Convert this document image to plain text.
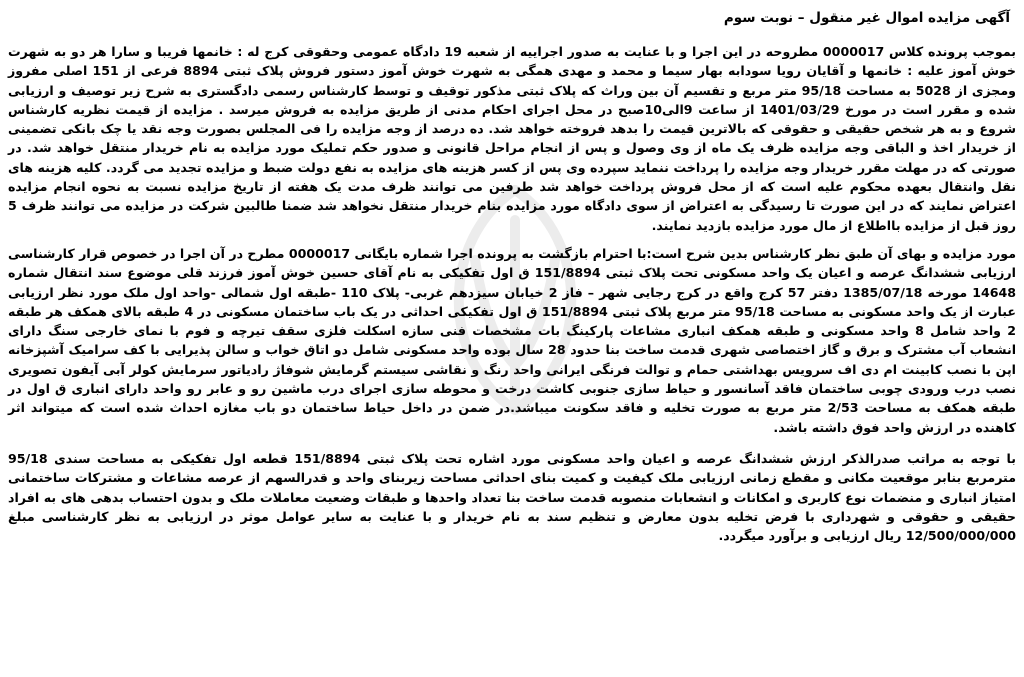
آگهی مزایده اموال غیر منقول – نوبت سوم

بموجب پرونده کلاس 0000017 مطروحه در این اجرا و با عنایت به صدور اجراییه از شعبه 19 دادگاه عمومی وحقوقی کرج له : خانمها فریبا و سارا هر دو به شهرت خوش آموز علیه : خانمها و آقایان رویا سودابه بهار سیما و محمد و مهدی همگی به شهرت خوش آموز دستور فروش پلاک ثبتی 8894 فرعی از 151 اصلی مفروز ومجزی از 5028 به مساحت 95/18 متر مربع و تقسیم آن بین وراث که پلاک ثبتی مذکور توقیف و توسط کارشناس رسمی دادگستری به شرح زیر توصیف و ارزیابی شده و مقرر است در مورخ 1401/03/29 از ساعت 9الی10صبح در محل اجرای احکام مدنی از طریق مزایده به فروش میرسد . مزایده از قیمت نظریه کارشناس شروع و به هر شخص حقیقی و حقوقی که بالاترین قیمت را بدهد فروخته خواهد شد. ده درصد از وجه مزایده را فی المجلس بصورت وجه نقد یا چک بانکی تضمینی از خریدار اخذ و الباقی وجه مزایده ظرف یک ماه از وی وصول و پس از انجام مراحل قانونی و صدور حکم تملیک مورد مزایده به نام خریدار منتقل خواهد شد. در صورتی که در مهلت مقرر خریدار وجه مزایده را پرداخت ننماید سپرده وی پس از کسر هزینه های مزایده به نفع دولت ضبط و مزایده تجدید می گردد. کلیه هزینه های نقل وانتقال بعهده محکوم علیه است که از محل فروش پرداخت خواهد شد طرفین می توانند ظرف مدت یک هفته از تاریخ مزایده نسبت به نحوه انجام مزایده اعتراض نمایند که در این صورت تا رسیدگی به اعتراض از سوی دادگاه مورد مزایده بنام خریدار منتقل نخواهد شد ضمنا طالبین شرکت در مزایده می توانند ظرف 5 روز قبل از مزایده بااطلاع از مال مورد مزایده بازدید نمایند.

مورد مزایده و بهای آن طبق نظر کارشناس بدین شرح است:با احترام بازگشت به پرونده اجرا شماره بایگانی 0000017 مطرح در آن اجرا در خصوص قرار کارشناسی ارزیابی ششدانگ عرصه و اعیان یک واحد مسکونی تحت پلاک ثبتی 151/8894 ق اول تفکیکی به نام آقای حسین خوش آموز فرزند قلی موضوع سند انتقال شماره 14648 مورخه 1385/07/18 دفتر 57 کرج واقع در کرج رجایی شهر – فاز 2 خیابان سیزدهم غربی- پلاک 110 -طبقه اول شمالی -واحد اول ملک مورد نظر ارزیابی عبارت از یک واحد مسکونی به مساحت 95/18 متر مربع پلاک ثبتی 151/8894 ق اول تفکیکی احداثی در یک باب ساختمان مسکونی در 4 طبقه بالای همکف هر طبقه 2 واحد شامل 8 واحد مسکونی و طبقه همکف انباری مشاعات پارکینگ بات مشخصات فنی سازه اسکلت فلزی سقف تیرچه و فوم با نمای خارجی سنگ دارای انشعاب آب مشترک و برق و گاز اختصاصی شهری قدمت ساخت بنا حدود 28 سال بوده واحد مسکونی شامل دو اتاق خواب و سالن پذیرایی با کف سرامیک آشپزخانه اپن با نصب کابینت ام دی اف سرویس بهداشتی حمام و توالت فرنگی ایرانی واحد رنگ و نقاشی سیستم گرمایش شوفاژ رادیاتور سرمایش کولر آبی آیفون تصویری نصب درب ورودی چوبی ساختمان فاقد آسانسور و حیاط سازی جنوبی کاشت درخت و محوطه سازی اجرای درب ماشین رو و عابر رو واحد دارای انباری ق اول در طبقه همکف به مساحت 2/53 متر مربع به صورت تخلیه و فاقد سکونت میباشد.در ضمن در داخل حیاط ساختمان دو باب مغازه احداث شده است که میتواند اثر کاهنده در ارزش واحد فوق داشته باشد.

با توجه به مراتب صدرالذکر ارزش ششدانگ عرصه و اعیان واحد مسکونی مورد اشاره تحت پلاک ثبتی 151/8894 قطعه اول تفکیکی به مساحت سندی 95/18 مترمربع بنابر موقعیت مکانی و مقطع زمانی ارزیابی ملک کیفیت و کمیت بنای احداثی مساحت زیربنای واحد و قدرالسهم از عرصه مشاعات و مشترکات ساختمانی امتیاز انباری و منضمات نوع کاربری و امکانات و انشعابات منصوبه قدمت ساخت بنا تعداد واحدها و طبقات وضعیت معاملات ملک و بدون احتساب بدهی های به افراد حقیقی و حقوقی و شهرداری با فرض تخلیه بدون معارض و تنظیم سند به نام خریدار و با عنایت به سایر عوامل موثر در ارزیابی به نظر کارشناسی مبلغ 12/500/000/000 ریال ارزیابی و برآورد میگردد.
